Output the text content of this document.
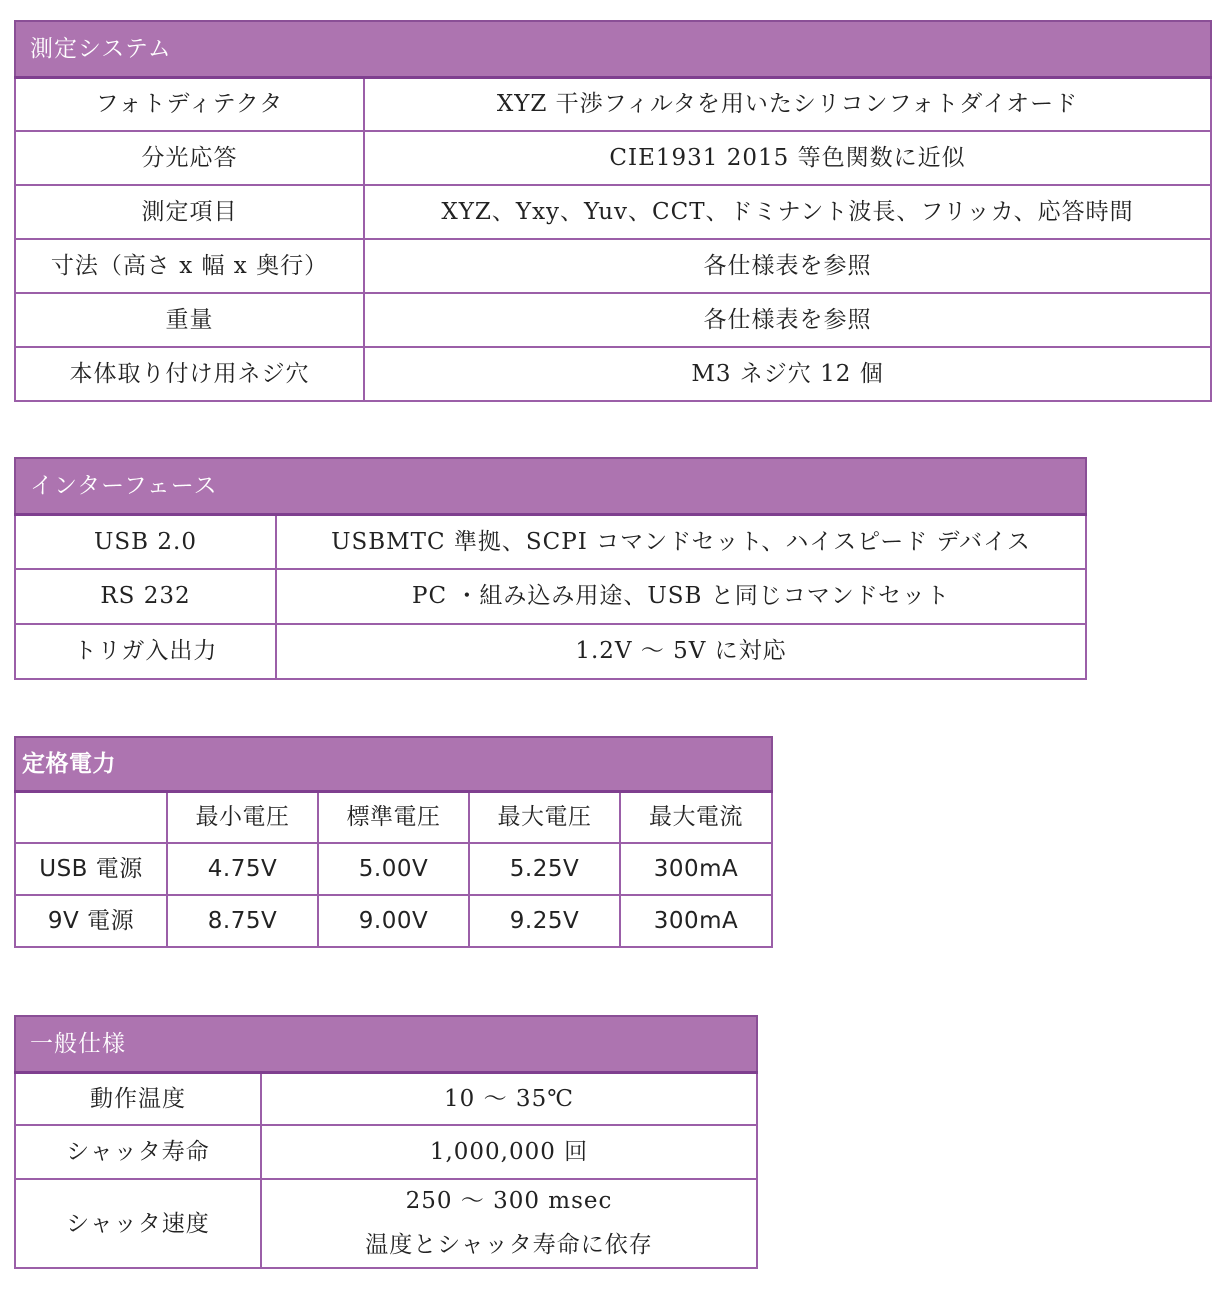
測定システム	
フォトディテクタ	XYZ 干渉フィルタを用いたシリコンフォトダイオード
分光応答	CIE1931 2015 等色関数に近似
測定項目	XYZ、Yxy、Yuv、CCT、ドミナント波長、フリッカ、応答時間
寸法（高さ x 幅 x 奥行）	各仕様表を参照
重量	各仕様表を参照
本体取り付け用ネジ穴	M3 ネジ穴 12 個
インターフェース	
USB 2.0	USBMTC 準拠、SCPI コマンドセット、ハイスピード デバイス
RS 232	PC ・組み込み用途、USB と同じコマンドセット
トリガ入出力	1.2V ～ 5V に対応
定格電力				
	最小電圧	標準電圧	最大電圧	最大電流
USB 電源	4.75V	5.00V	5.25V	300mA
9V 電源	8.75V	9.00V	9.25V	300mA
一般仕様	
動作温度	10 ～ 35℃
シャッタ寿命	1,000,000 回
シャッタ速度	250 ～ 300 msec
温度とシャッタ寿命に依存
